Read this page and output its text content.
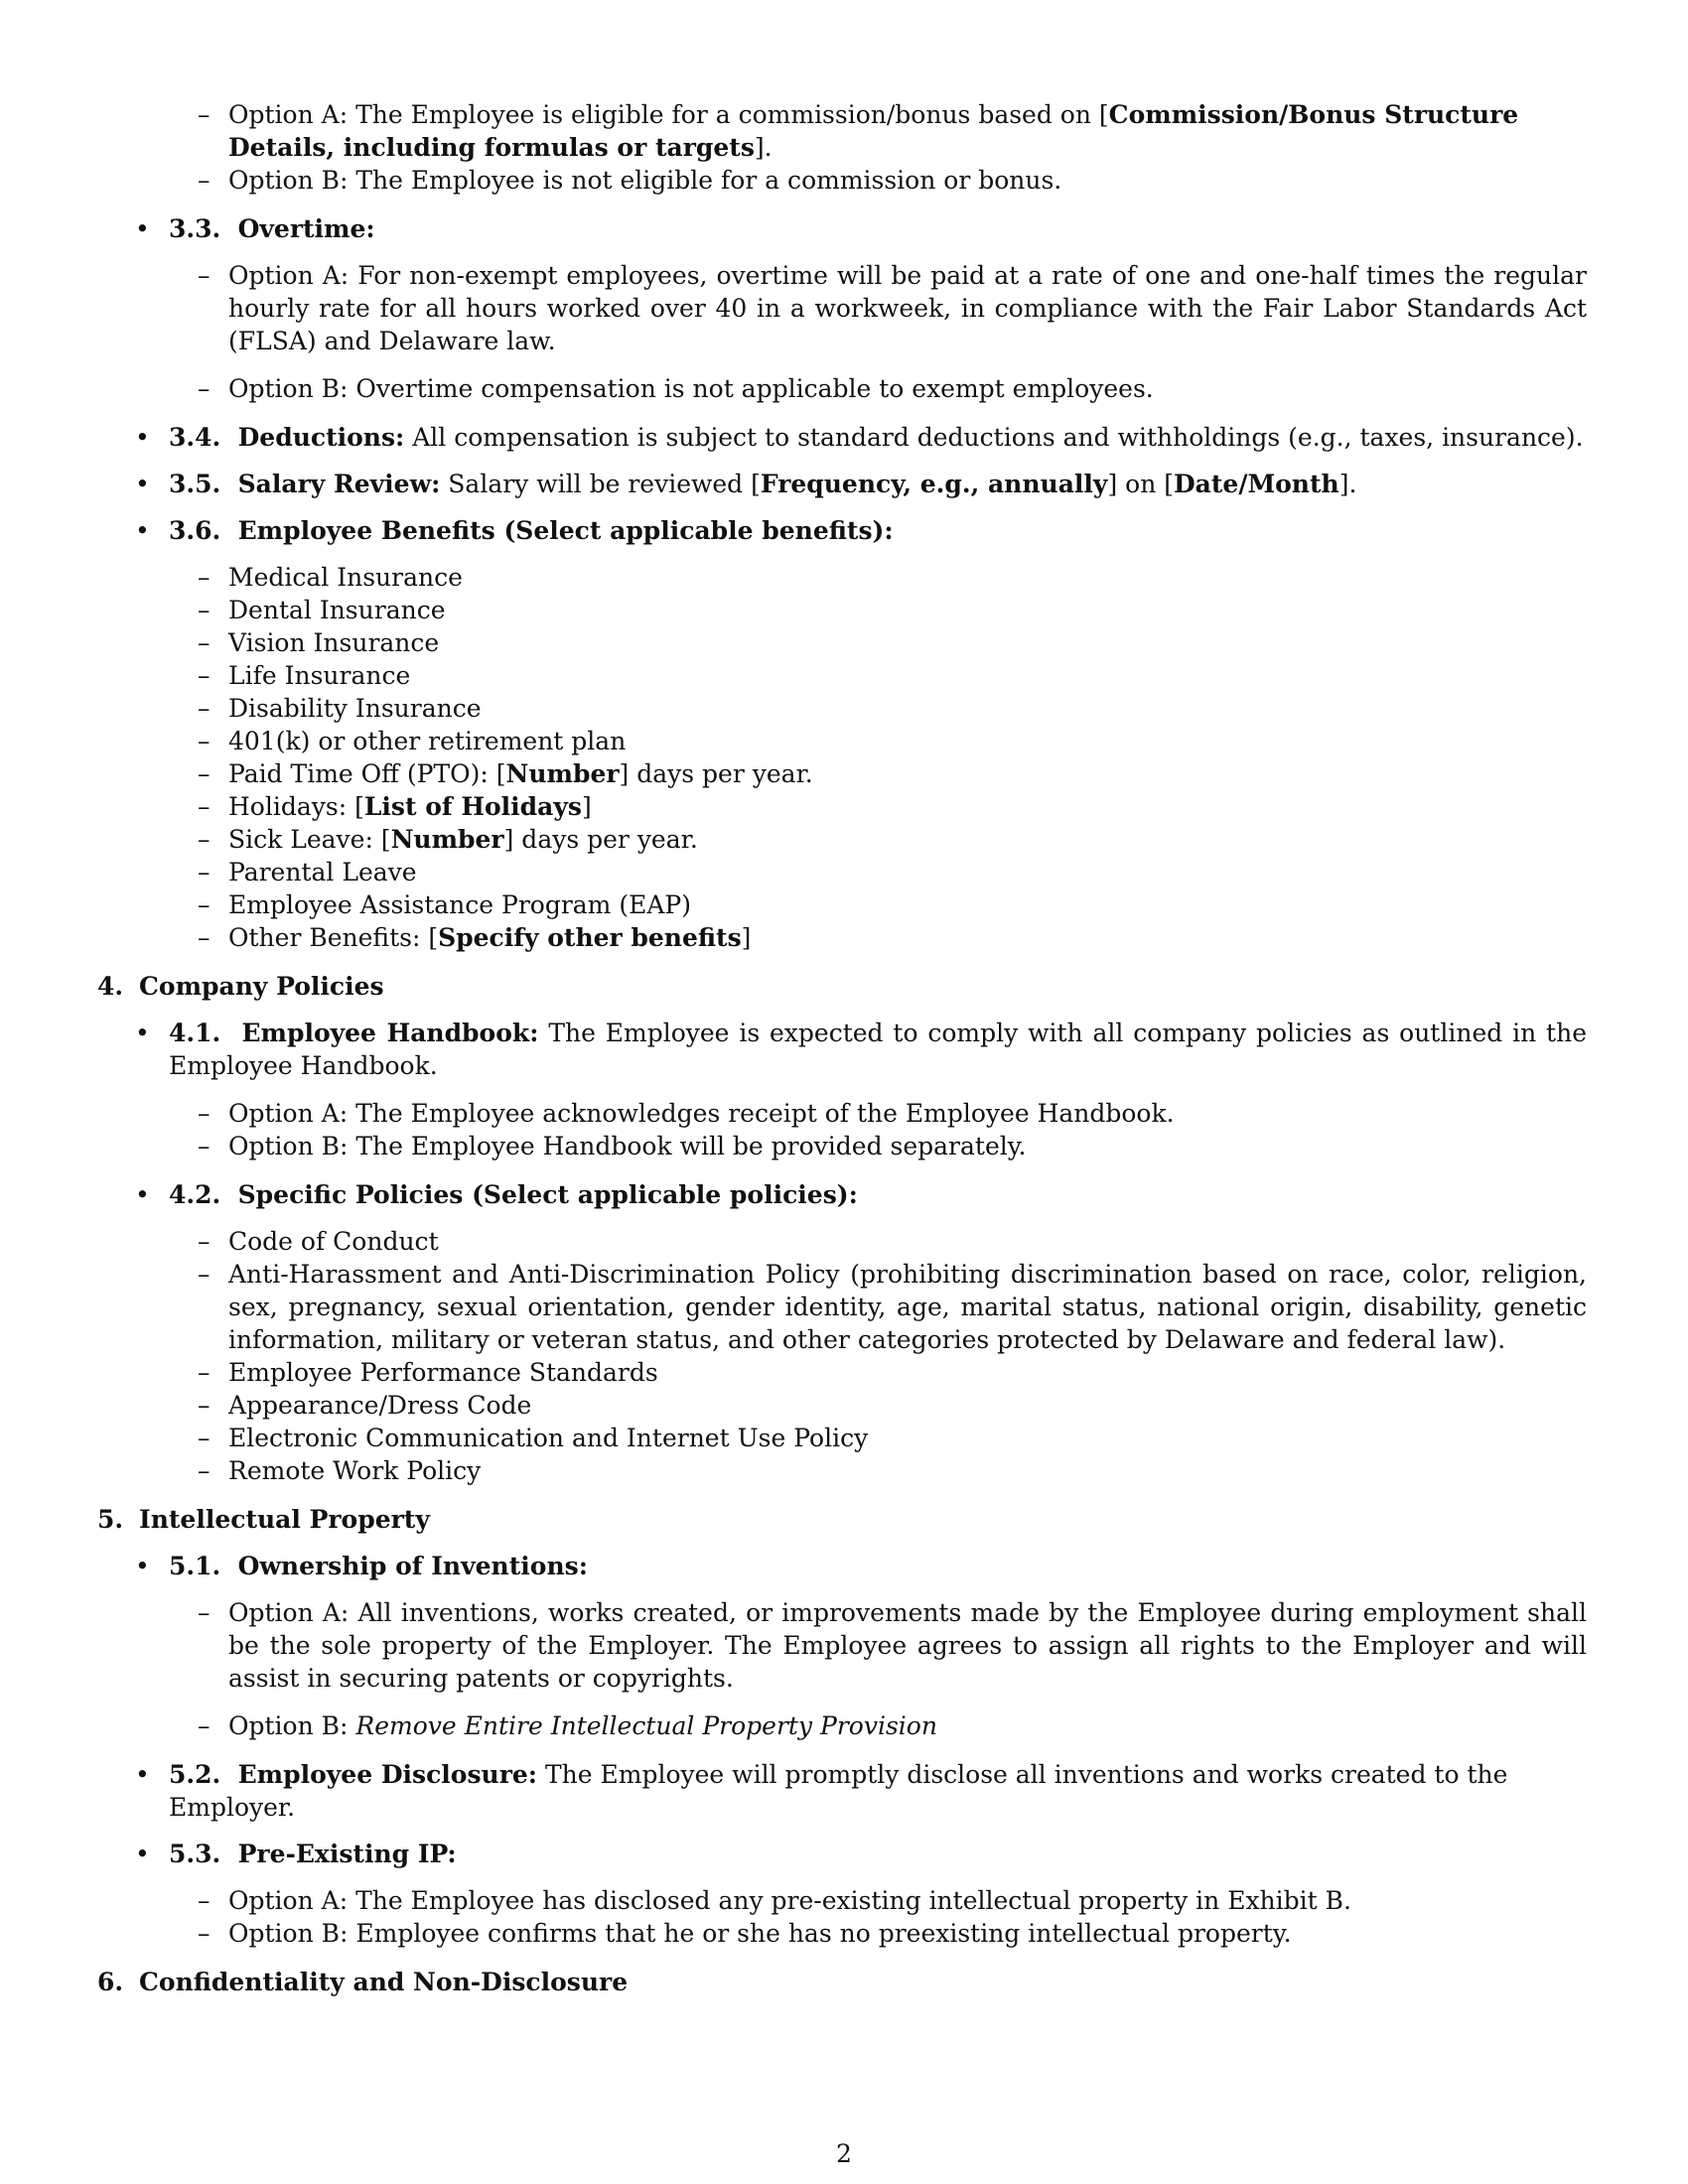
– Option A: The Employee is eligible for a commission/bonus based on [Commission/Bonus Structure Details, including formulas or targets].
– Option B: The Employee is not eligible for a commission or bonus.
• 3.3. Overtime:
– Option A: For non-exempt employees, overtime will be paid at a rate of one and one-half times the regular hourly rate for all hours worked over 40 in a workweek, in compliance with the Fair Labor Standards Act (FLSA) and Delaware law.
– Option B: Overtime compensation is not applicable to exempt employees.
• 3.4. Deductions: All compensation is subject to standard deductions and withholdings (e.g., taxes, insurance).
• 3.5. Salary Review: Salary will be reviewed [Frequency, e.g., annually] on [Date/Month].
• 3.6. Employee Benefits (Select applicable benefits):
– Medical Insurance
– Dental Insurance
– Vision Insurance
– Life Insurance
– Disability Insurance
– 401(k) or other retirement plan
– Paid Time Off (PTO): [Number] days per year.
– Holidays: [List of Holidays]
– Sick Leave: [Number] days per year.
– Parental Leave
– Employee Assistance Program (EAP)
– Other Benefits: [Specify other benefits]
4. Company Policies
• 4.1. Employee Handbook: The Employee is expected to comply with all company policies as outlined in the Employee Handbook.
– Option A: The Employee acknowledges receipt of the Employee Handbook.
– Option B: The Employee Handbook will be provided separately.
• 4.2. Specific Policies (Select applicable policies):
– Code of Conduct
– Anti-Harassment and Anti-Discrimination Policy (prohibiting discrimination based on race, color, religion, sex, pregnancy, sexual orientation, gender identity, age, marital status, national origin, disability, genetic information, military or veteran status, and other categories protected by Delaware and federal law).
– Employee Performance Standards
– Appearance/Dress Code
– Electronic Communication and Internet Use Policy
– Remote Work Policy
5. Intellectual Property
• 5.1. Ownership of Inventions:
– Option A: All inventions, works created, or improvements made by the Employee during employment shall be the sole property of the Employer. The Employee agrees to assign all rights to the Employer and will assist in securing patents or copyrights.
– Option B: Remove Entire Intellectual Property Provision
• 5.2. Employee Disclosure: The Employee will promptly disclose all inventions and works created to the Employer.
• 5.3. Pre-Existing IP:
– Option A: The Employee has disclosed any pre-existing intellectual property in Exhibit B.
– Option B: Employee confirms that he or she has no preexisting intellectual property.
6. Confidentiality and Non-Disclosure
2
